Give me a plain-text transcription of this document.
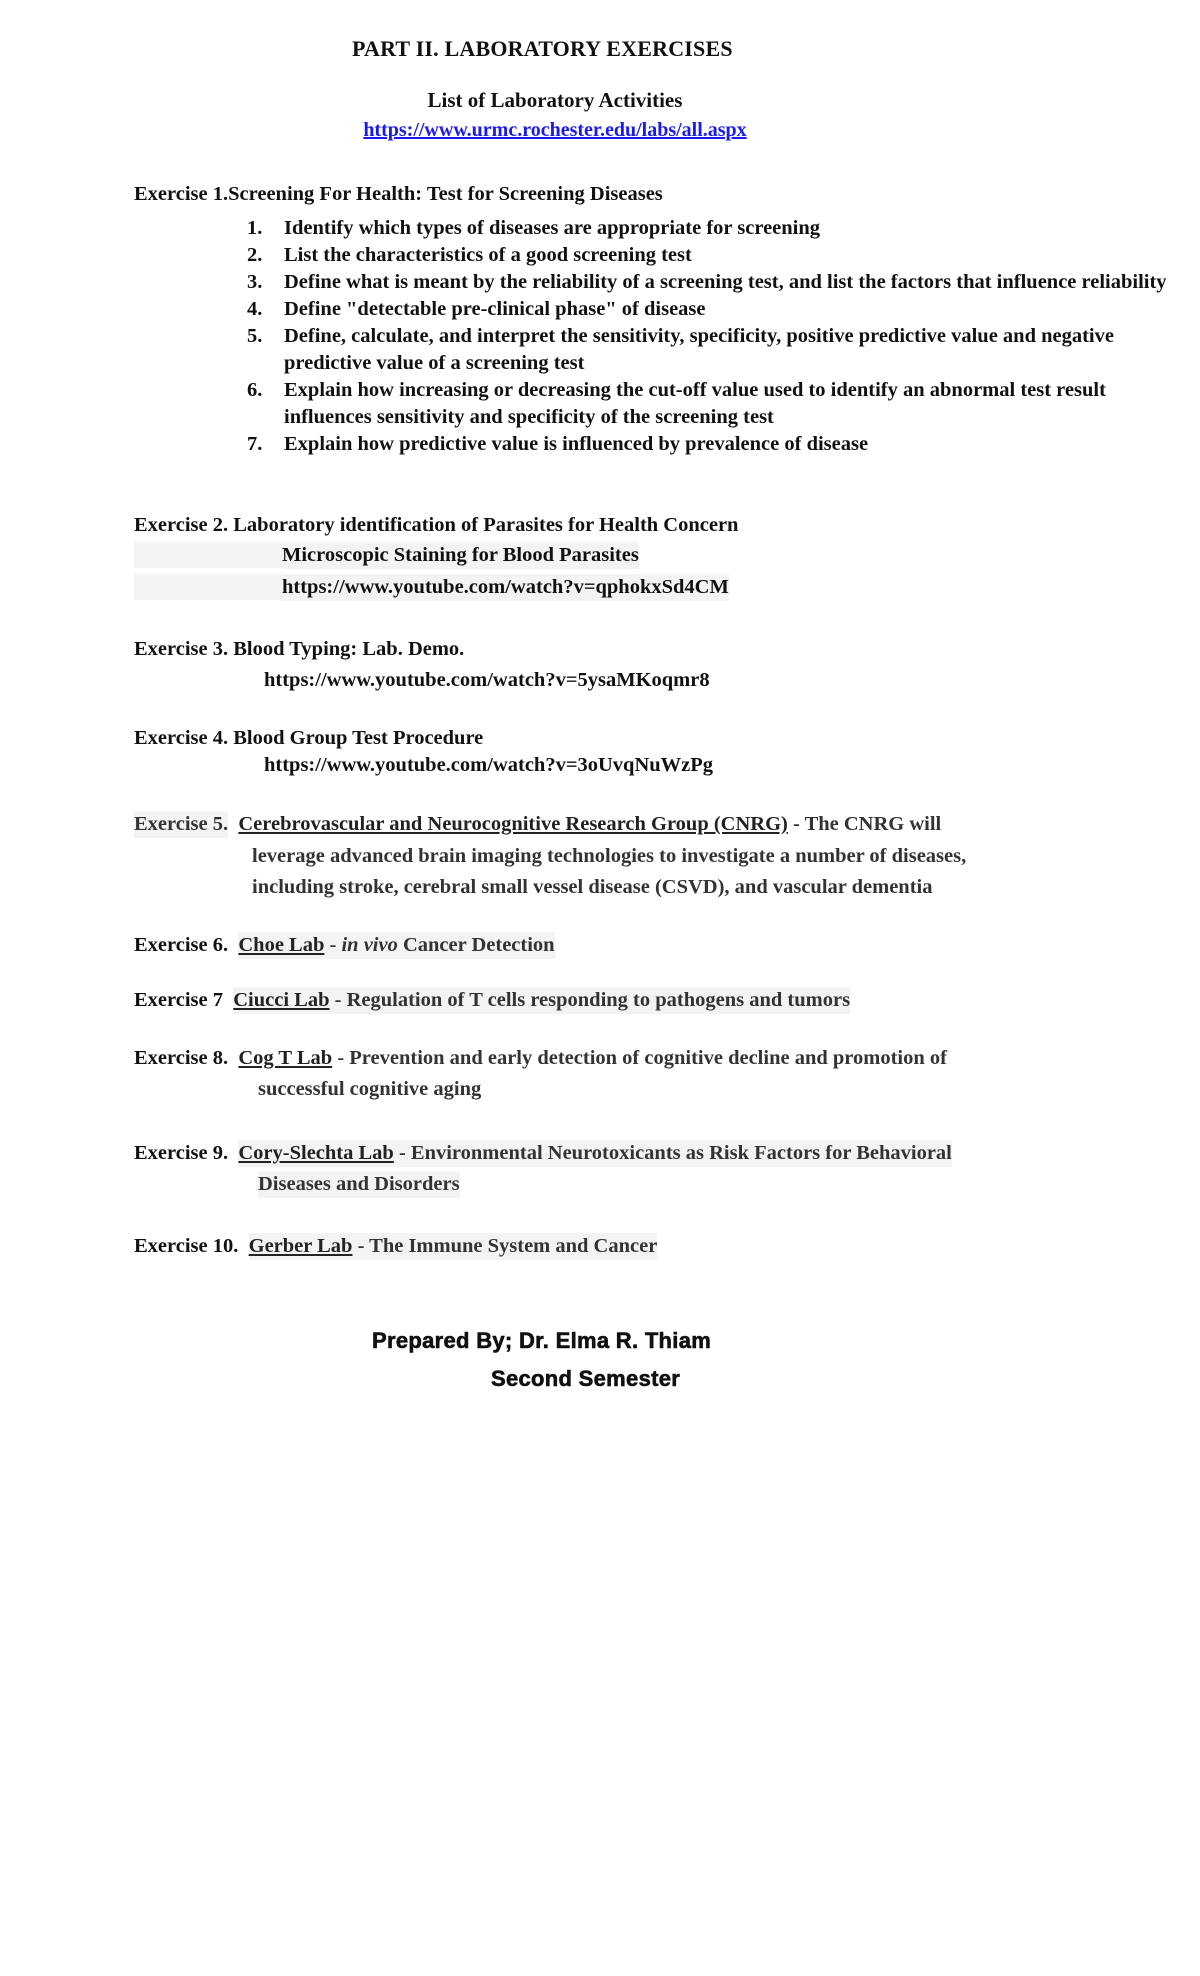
PART II. LABORATORY EXERCISES
List of Laboratory Activities
https://www.urmc.rochester.edu/labs/all.aspx
Exercise 1.Screening For Health: Test for Screening Diseases
1. Identify which types of diseases are appropriate for screening
2. List the characteristics of a good screening test
3. Define what is meant by the reliability of a screening test, and list the factors that influence reliability
4. Define "detectable pre-clinical phase" of disease
5. Define, calculate, and interpret the sensitivity, specificity, positive predictive value and negative predictive value of a screening test
6. Explain how increasing or decreasing the cut-off value used to identify an abnormal test result influences sensitivity and specificity of the screening test
7. Explain how predictive value is influenced by prevalence of disease
Exercise 2. Laboratory identification of Parasites for Health Concern
Microscopic Staining for Blood Parasites
https://www.youtube.com/watch?v=qphokxSd4CM
Exercise 3. Blood Typing: Lab. Demo.
https://www.youtube.com/watch?v=5ysaMKoqmr8
Exercise 4. Blood Group Test Procedure
https://www.youtube.com/watch?v=3oUvqNuWzPg
Exercise 5. Cerebrovascular and Neurocognitive Research Group (CNRG) - The CNRG will
leverage advanced brain imaging technologies to investigate a number of diseases,
including stroke, cerebral small vessel disease (CSVD), and vascular dementia
Exercise 6. Choe Lab - in vivo Cancer Detection
Exercise 7 Ciucci Lab - Regulation of T cells responding to pathogens and tumors
Exercise 8. Cog T Lab - Prevention and early detection of cognitive decline and promotion of
successful cognitive aging
Exercise 9. Cory-Slechta Lab - Environmental Neurotoxicants as Risk Factors for Behavioral
Diseases and Disorders
Exercise 10. Gerber Lab - The Immune System and Cancer
Prepared By; Dr. Elma R. Thiam
Second Semester
